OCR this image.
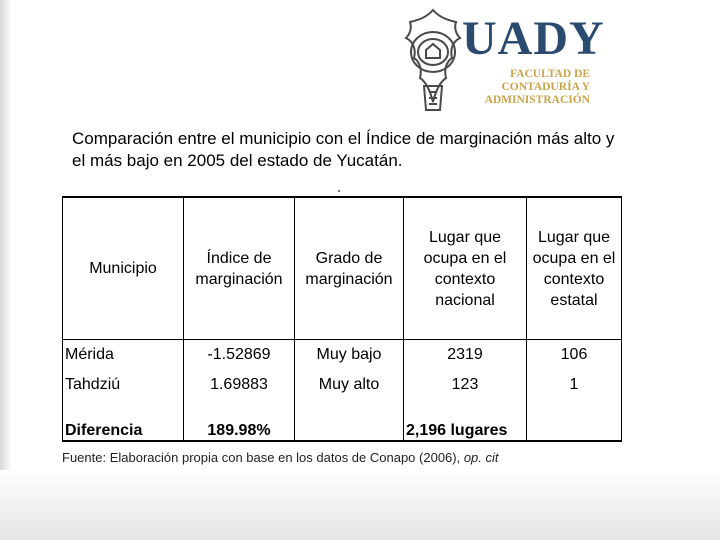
UADY
FACULTAD DE
CONTADURÍA Y
ADMINISTRACIÓN
Comparación entre el municipio con el Índice de marginación más alto y el más bajo en 2005 del estado de Yucatán.
Municipio	Índice de marginación	Grado de marginación	Lugar que ocupa en el contexto nacional	Lugar que ocupa en el contexto estatal
Mérida	-1.52869	Muy bajo	2319	106
Tahdziú	1.69883	Muy alto	123	1
Diferencia	189.98%		2,196 lugares	
Fuente: Elaboración propia con base en los datos de Conapo (2006), op. cit
